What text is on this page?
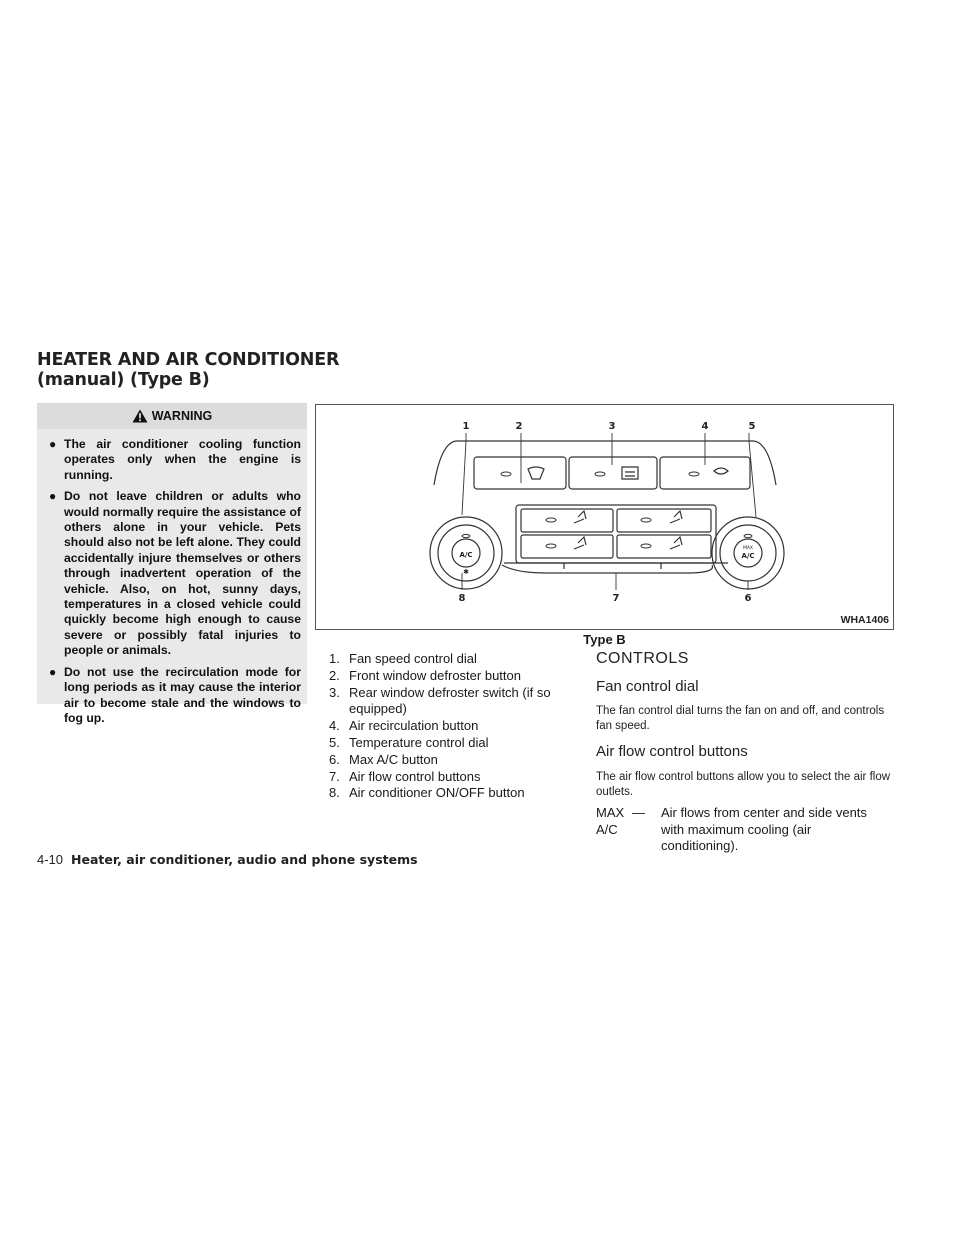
HEATER AND AIR CONDITIONER
(manual) (Type B)
WARNING
● The air conditioner cooling function operates only when the engine is running.
● Do not leave children or adults who would normally require the assistance of others alone in your vehicle. Pets should also not be left alone. They could accidentally injure themselves or others through inadvertent operation of the vehicle. Also, on hot, sunny days, temperatures in a closed vehicle could quickly become high enough to cause severe or possibly fatal injuries to people or animals.
● Do not use the recirculation mode for long periods as it may cause the interior air to become stale and the windows to fog up.
A/C
MAX
A/C
✱
1	2	3	4	5
6
7
8
WHA1406
Type B
1. Fan speed control dial
2. Front window defroster button
3. Rear window defroster switch (if so equipped)
4. Air recirculation button
5. Temperature control dial
6. Max A/C button
7. Air flow control buttons
8. Air conditioner ON/OFF button
CONTROLS
Fan control dial
The fan control dial turns the fan on and off, and controls fan speed.
Air flow control buttons
The air flow control buttons allow you to select the air flow outlets.
MAX A/C
— Air flows from center and side vents with maximum cooling (air conditioning).
4-10 Heater, air conditioner, audio and phone systems
